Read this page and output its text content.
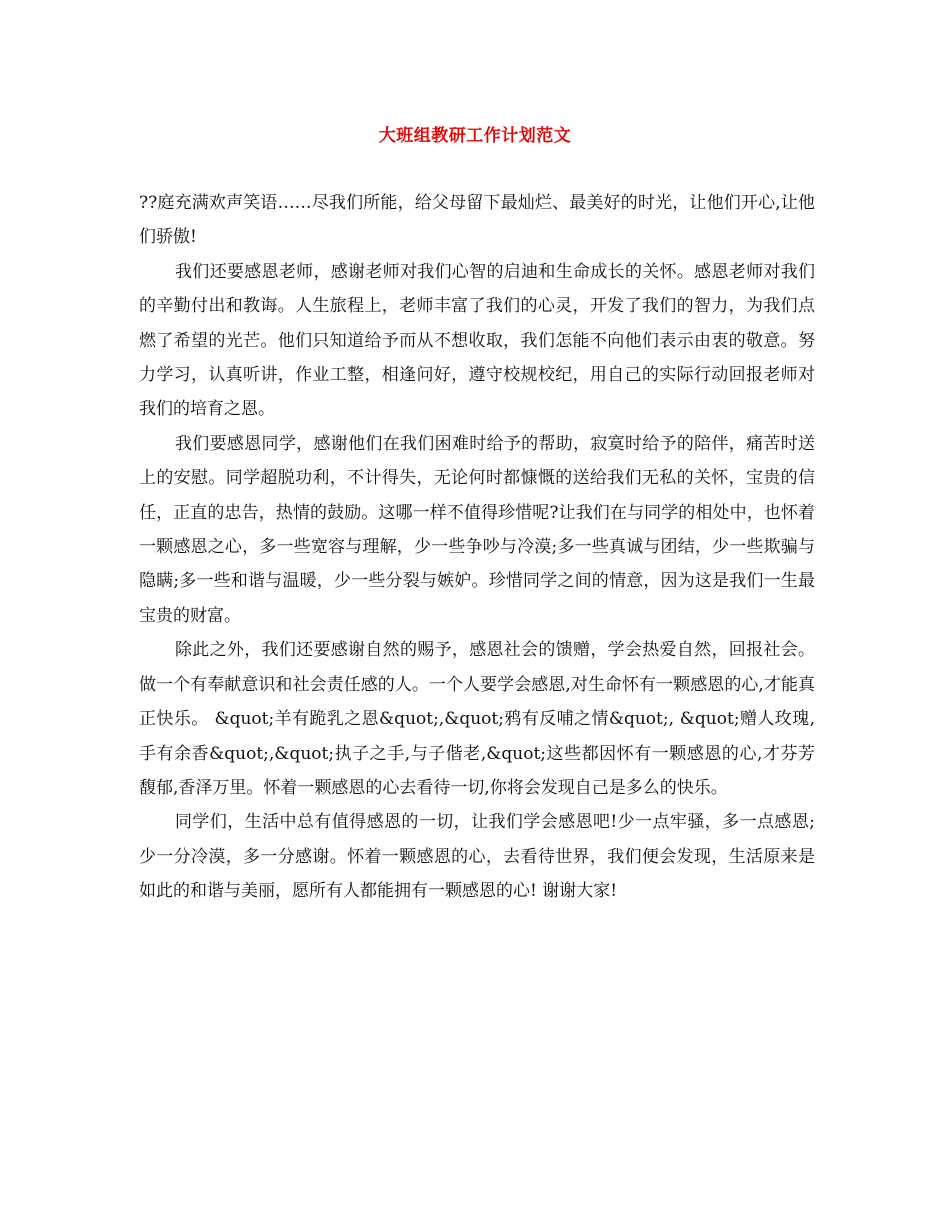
大班组教研工作计划范文

??庭充满欢声笑语……尽我们所能，给父母留下最灿烂、最美好的时光，让他们开心,让他们骄傲!

我们还要感恩老师，感谢老师对我们心智的启迪和生命成长的关怀。感恩老师对我们的辛勤付出和教诲。人生旅程上，老师丰富了我们的心灵，开发了我们的智力，为我们点燃了希望的光芒。他们只知道给予而从不想收取，我们怎能不向他们表示由衷的敬意。努力学习，认真听讲，作业工整，相逢问好，遵守校规校纪，用自己的实际行动回报老师对我们的培育之恩。

我们要感恩同学，感谢他们在我们困难时给予的帮助，寂寞时给予的陪伴，痛苦时送上的安慰。同学超脱功利，不计得失，无论何时都慷慨的送给我们无私的关怀，宝贵的信任，正直的忠告，热情的鼓励。这哪一样不值得珍惜呢?让我们在与同学的相处中，也怀着一颗感恩之心，多一些宽容与理解，少一些争吵与冷漠;多一些真诚与团结，少一些欺骗与隐瞒;多一些和谐与温暖，少一些分裂与嫉妒。珍惜同学之间的情意，因为这是我们一生最宝贵的财富。

除此之外，我们还要感谢自然的赐予，感恩社会的馈赠，学会热爱自然，回报社会。做一个有奉献意识和社会责任感的人。一个人要学会感恩,对生命怀有一颗感恩的心,才能真正快乐。 &quot;羊有跪乳之恩&quot;,&quot;鸦有反哺之情&quot;, &quot;赠人玫瑰,手有余香&quot;,&quot;执子之手,与子偕老,&quot;这些都因怀有一颗感恩的心,才芬芳馥郁,香泽万里。怀着一颗感恩的心去看待一切,你将会发现自己是多么的快乐。

同学们，生活中总有值得感恩的一切，让我们学会感恩吧!少一点牢骚，多一点感恩;少一分冷漠，多一分感谢。怀着一颗感恩的心，去看待世界，我们便会发现，生活原来是如此的和谐与美丽，愿所有人都能拥有一颗感恩的心! 谢谢大家!
